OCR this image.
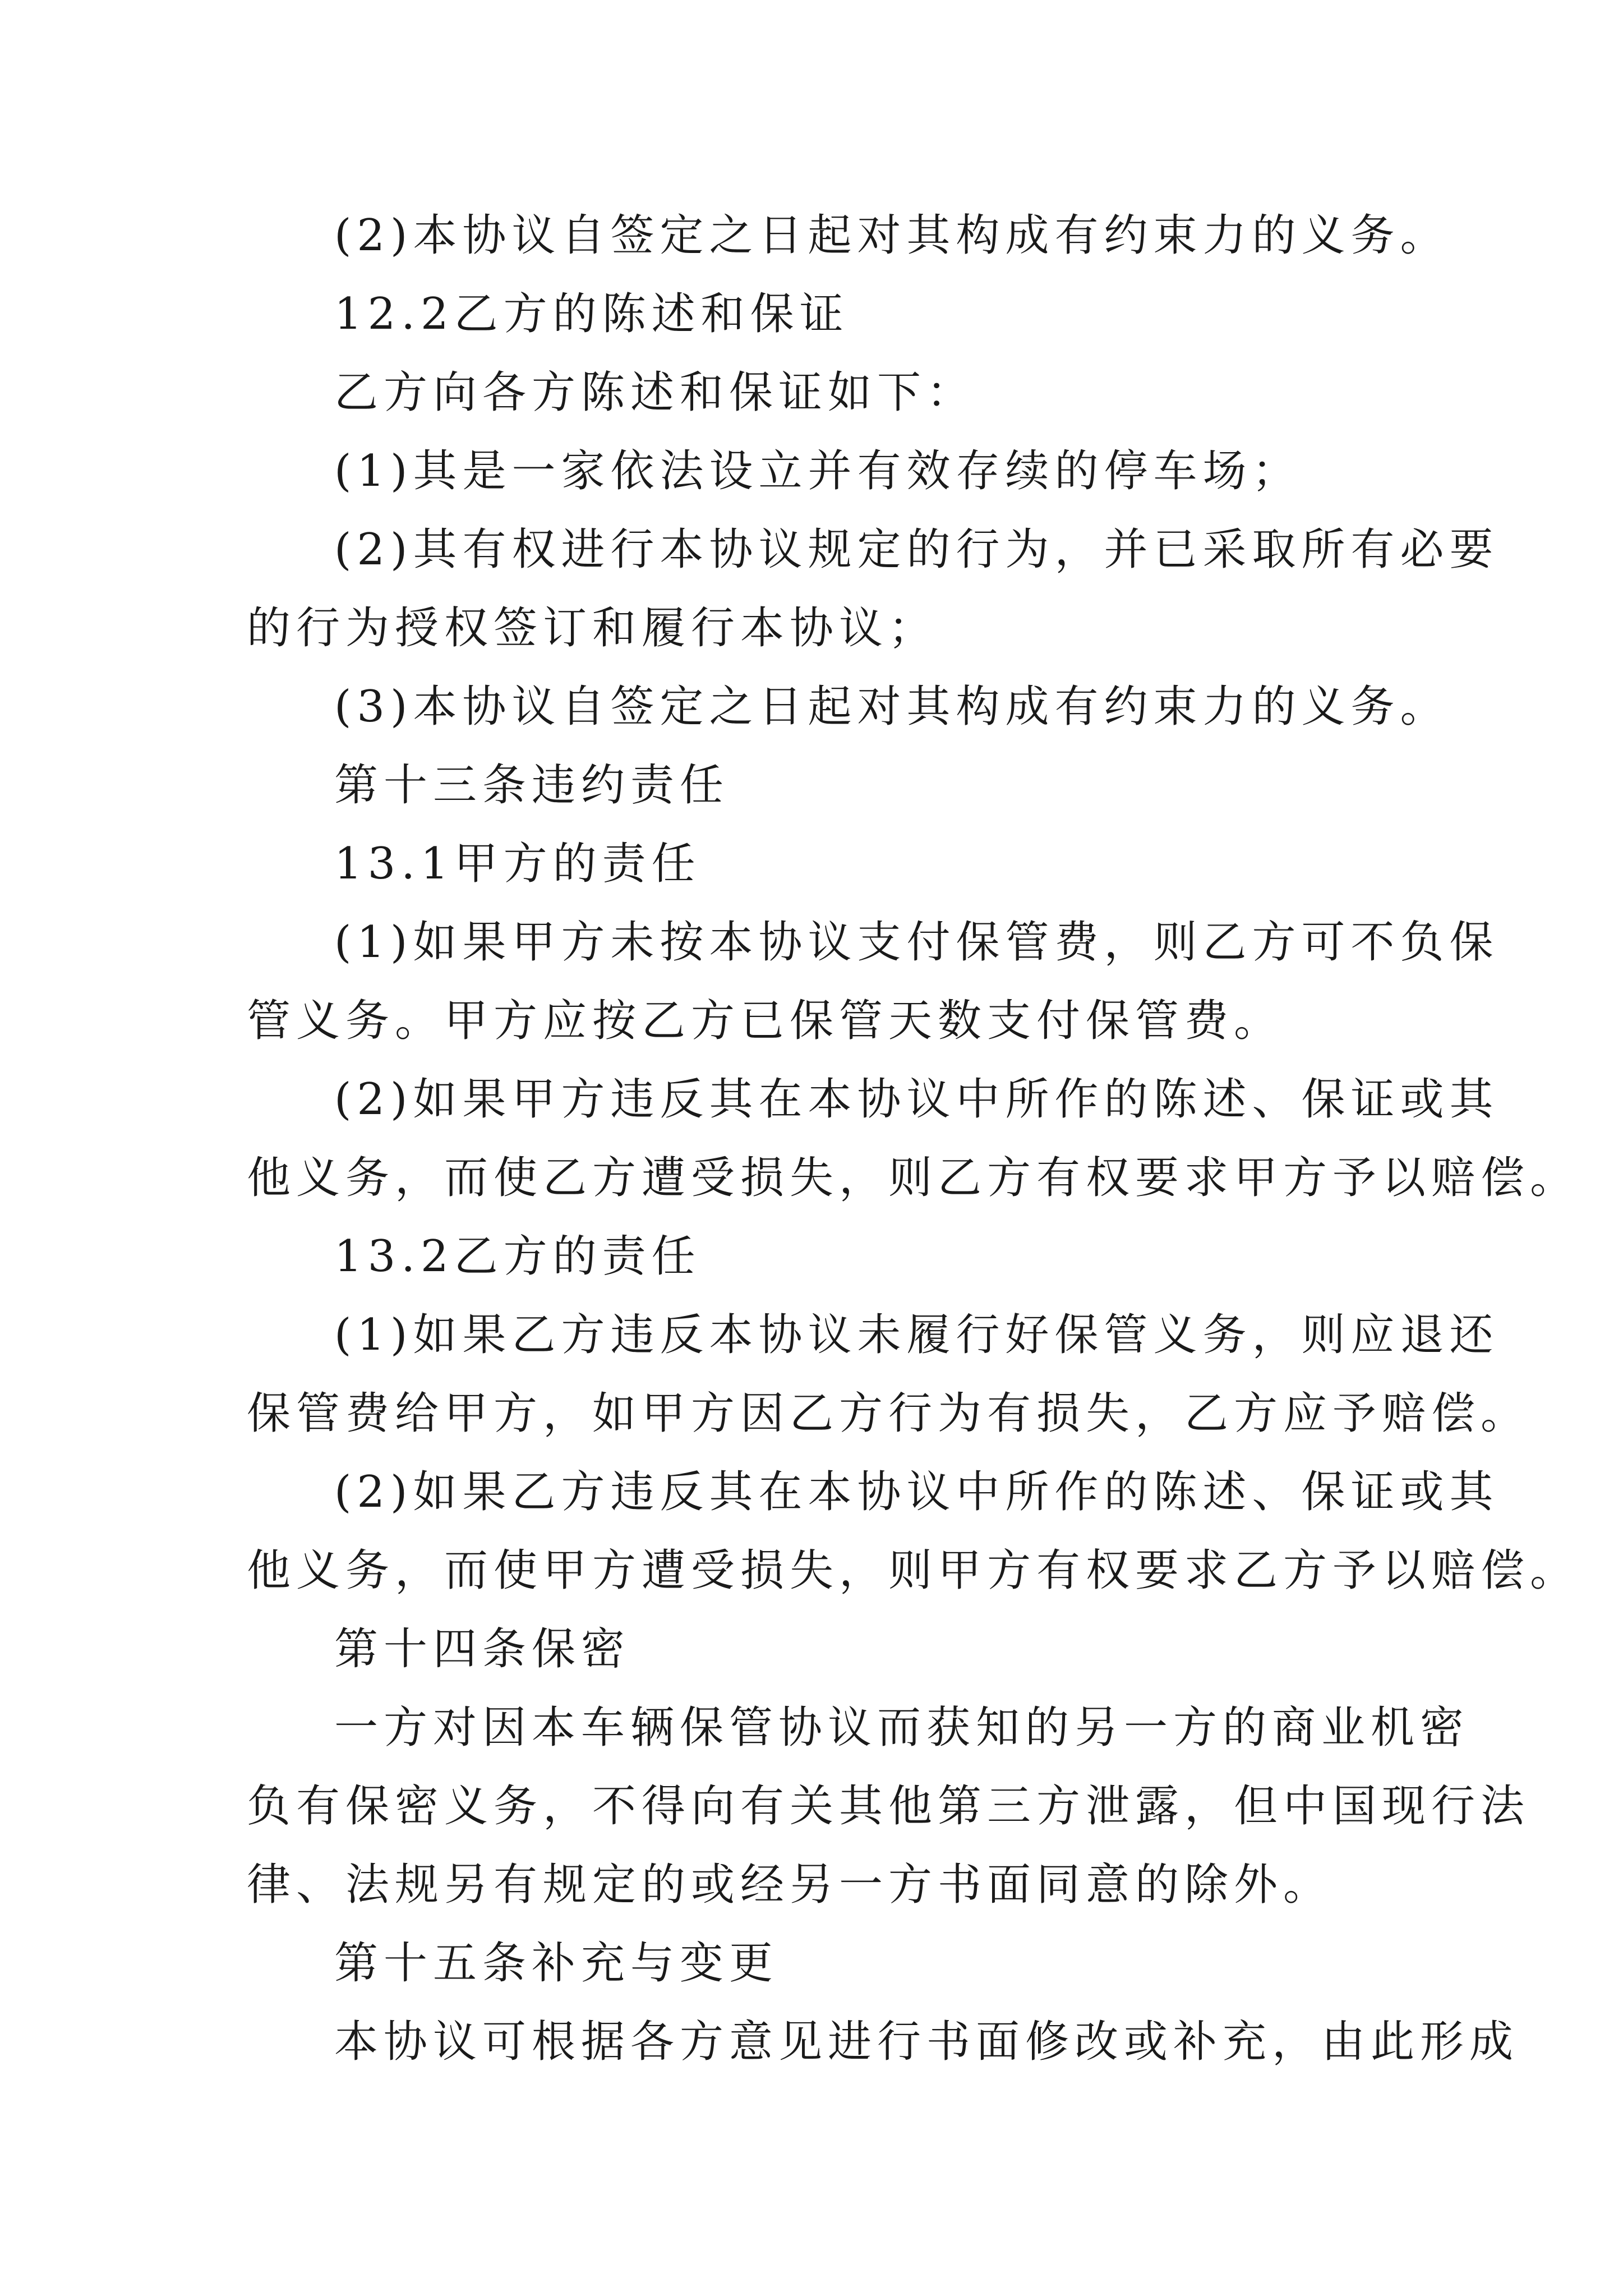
(2)本协议自签定之日起对其构成有约束力的义务。
12.2乙方的陈述和保证
乙方向各方陈述和保证如下：
(1)其是一家依法设立并有效存续的停车场；
(2)其有权进行本协议规定的行为，并已采取所有必要
的行为授权签订和履行本协议；
(3)本协议自签定之日起对其构成有约束力的义务。
第十三条违约责任
13.1甲方的责任
(1)如果甲方未按本协议支付保管费，则乙方可不负保
管义务。甲方应按乙方已保管天数支付保管费。
(2)如果甲方违反其在本协议中所作的陈述、保证或其
他义务，而使乙方遭受损失，则乙方有权要求甲方予以赔偿。
13.2乙方的责任
(1)如果乙方违反本协议未履行好保管义务，则应退还
保管费给甲方，如甲方因乙方行为有损失，乙方应予赔偿。
(2)如果乙方违反其在本协议中所作的陈述、保证或其
他义务，而使甲方遭受损失，则甲方有权要求乙方予以赔偿。
第十四条保密
一方对因本车辆保管协议而获知的另一方的商业机密
负有保密义务，不得向有关其他第三方泄露，但中国现行法
律、法规另有规定的或经另一方书面同意的除外。
第十五条补充与变更
本协议可根据各方意见进行书面修改或补充，由此形成
